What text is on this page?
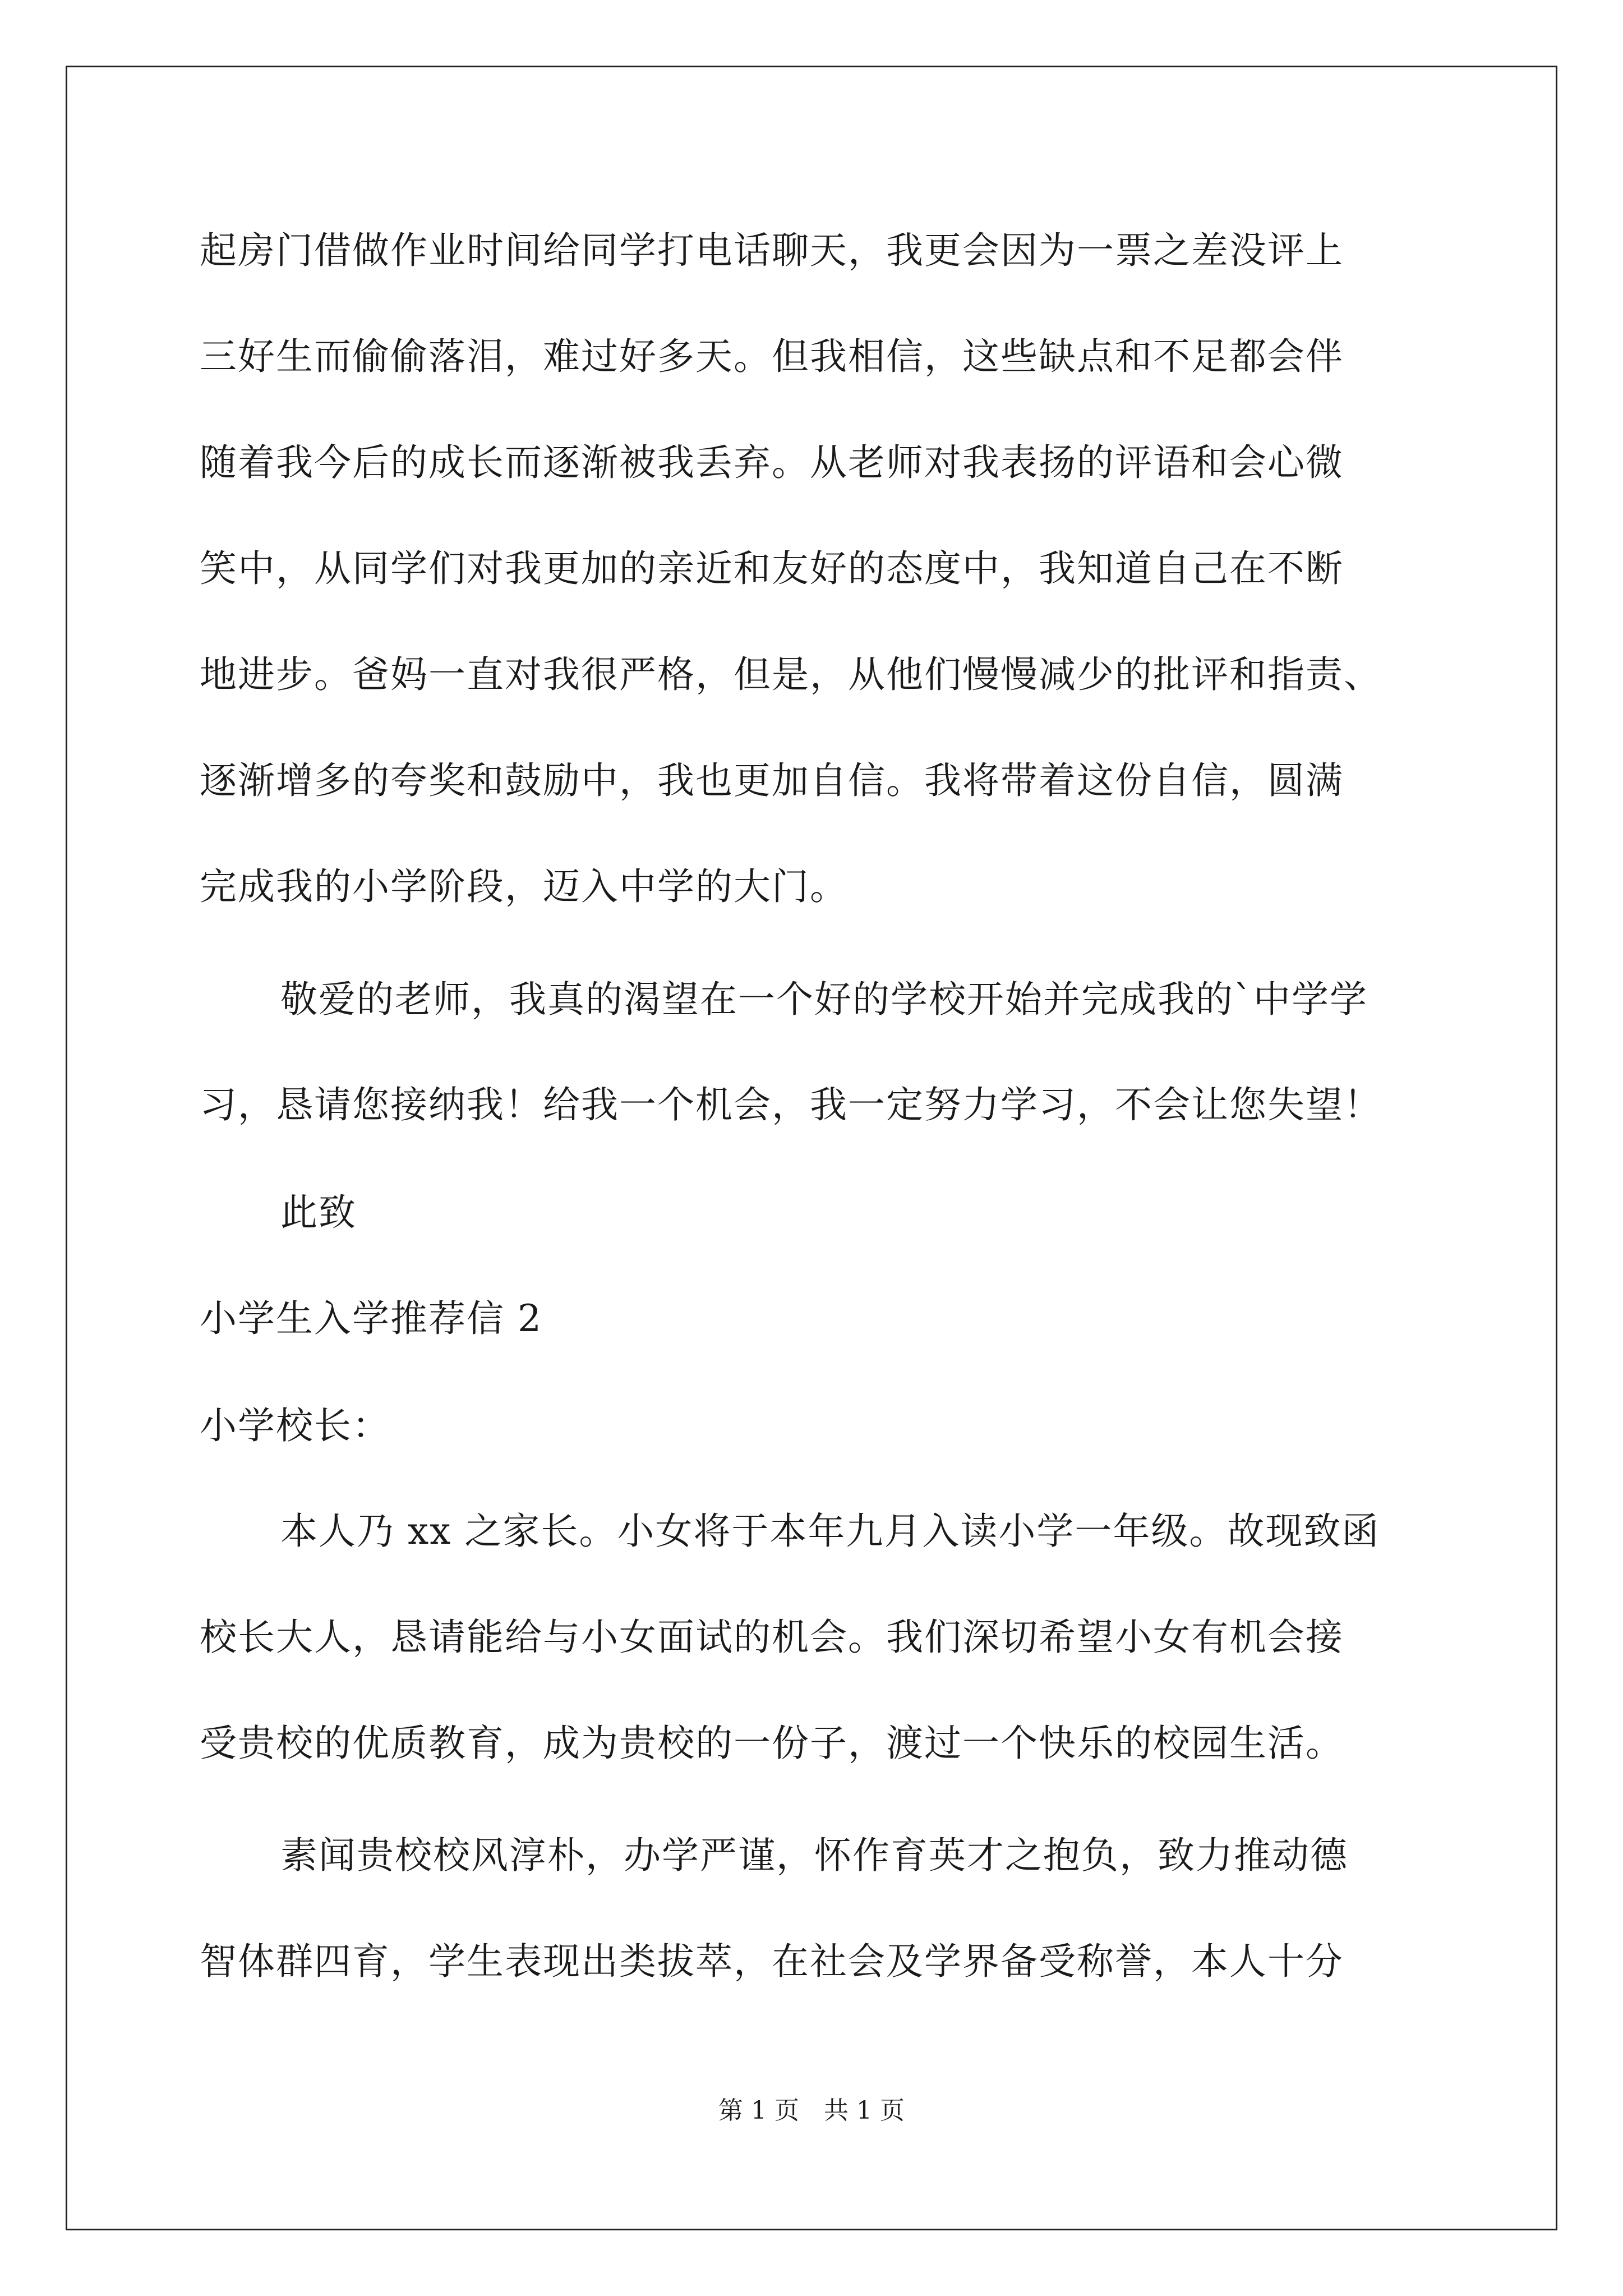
起房门借做作业时间给同学打电话聊天，我更会因为一票之差没评上
三好生而偷偷落泪，难过好多天。但我相信，这些缺点和不足都会伴
随着我今后的成长而逐渐被我丢弃。从老师对我表扬的评语和会心微
笑中，从同学们对我更加的亲近和友好的态度中，我知道自己在不断
地进步。爸妈一直对我很严格，但是，从他们慢慢减少的批评和指责、
逐渐增多的夸奖和鼓励中，我也更加自信。我将带着这份自信，圆满
完成我的小学阶段，迈入中学的大门。
敬爱的老师，我真的渴望在一个好的学校开始并完成我的`中学学
习，恳请您接纳我！给我一个机会，我一定努力学习，不会让您失望！
此致
小学生入学推荐信 2
小学校长：
本人乃 xx 之家长。小女将于本年九月入读小学一年级。故现致函
校长大人，恳请能给与小女面试的机会。我们深切希望小女有机会接
受贵校的优质教育，成为贵校的一份子，渡过一个快乐的校园生活。
素闻贵校校风淳朴，办学严谨，怀作育英才之抱负，致力推动德
智体群四育，学生表现出类拔萃，在社会及学界备受称誉，本人十分
第 1 页　共 1 页
